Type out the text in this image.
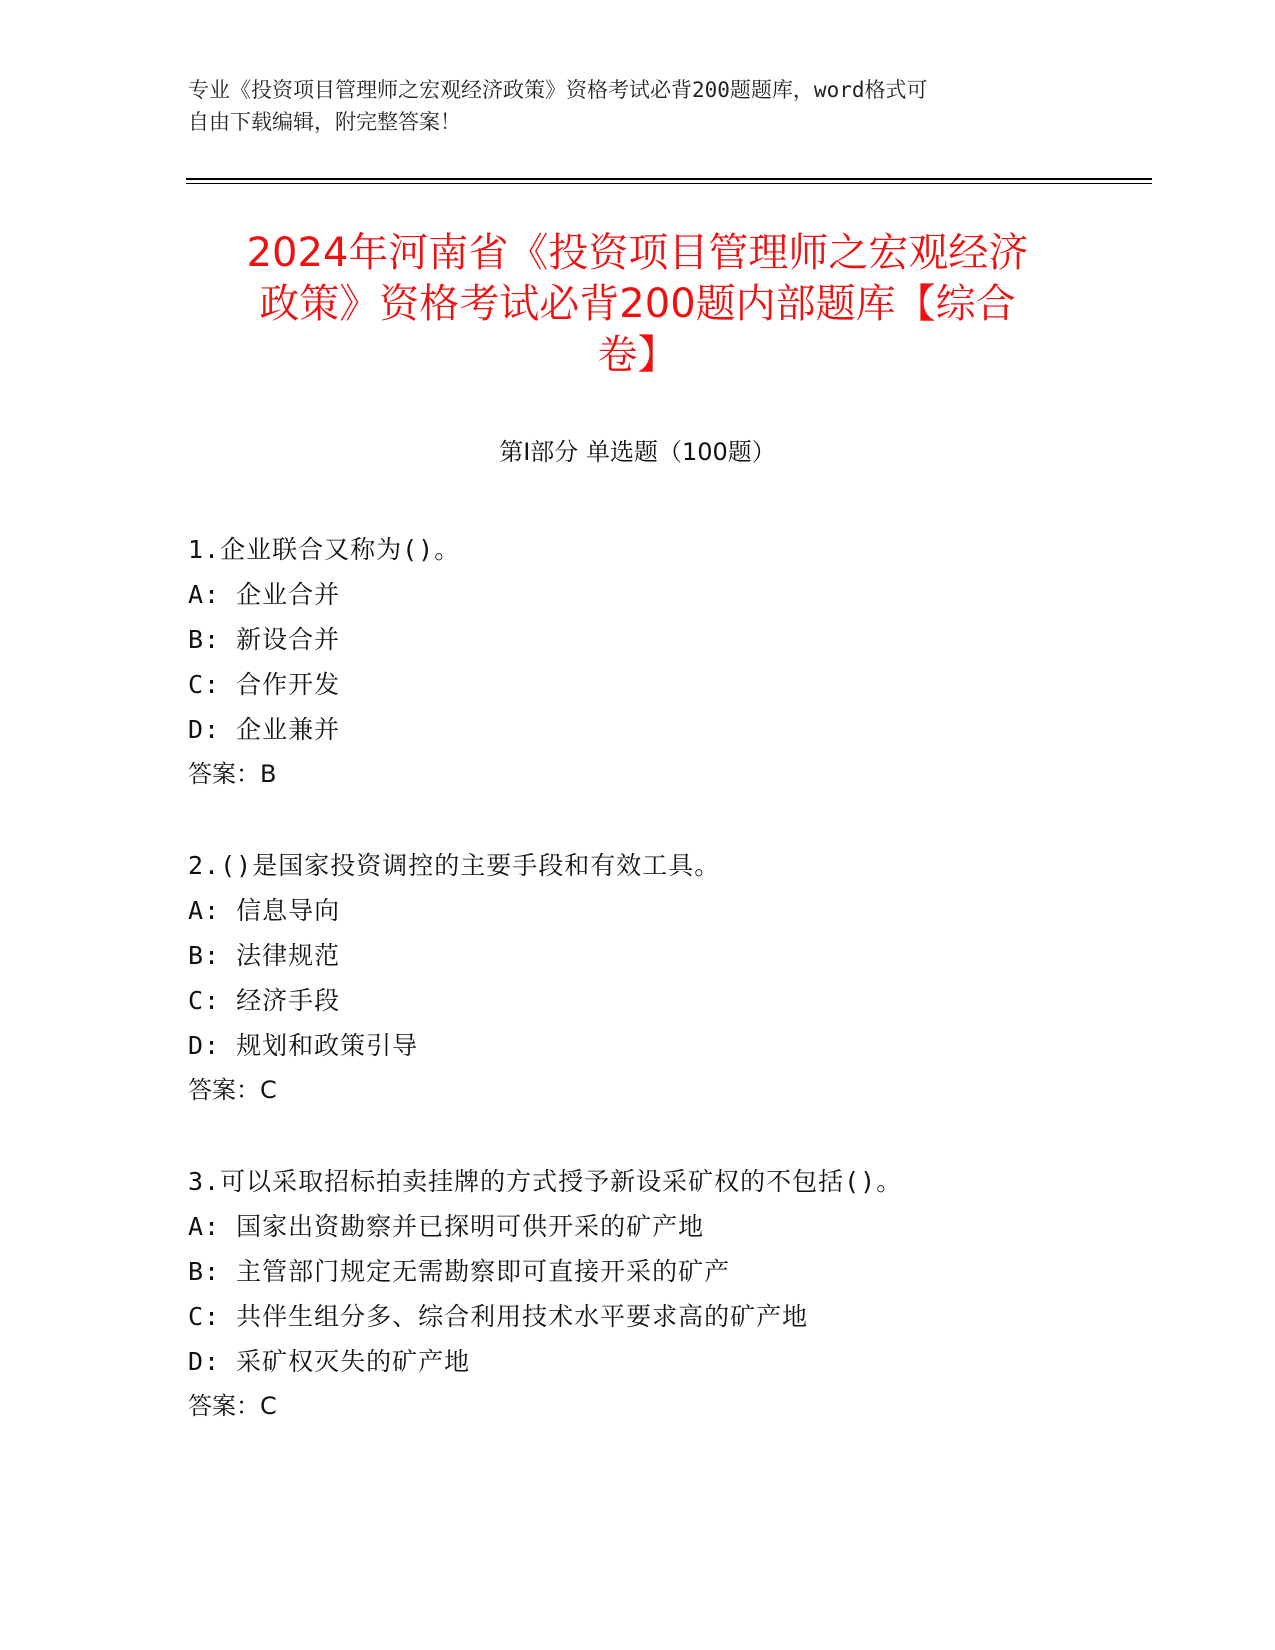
专业《投资项目管理师之宏观经济政策》资格考试必背200题题库，word格式可
自由下载编辑，附完整答案！
2024年河南省《投资项目管理师之宏观经济
政策》资格考试必背200题内部题库【综合
卷】
第I部分 单选题（100题）
1.企业联合又称为()。
A: 企业合并
B: 新设合并
C: 合作开发
D: 企业兼并
答案：B
2.()是国家投资调控的主要手段和有效工具。
A: 信息导向
B: 法律规范
C: 经济手段
D: 规划和政策引导
答案：C
3.可以采取招标拍卖挂牌的方式授予新设采矿权的不包括()。
A: 国家出资勘察并已探明可供开采的矿产地
B: 主管部门规定无需勘察即可直接开采的矿产
C: 共伴生组分多、综合利用技术水平要求高的矿产地
D: 采矿权灭失的矿产地
答案：C
